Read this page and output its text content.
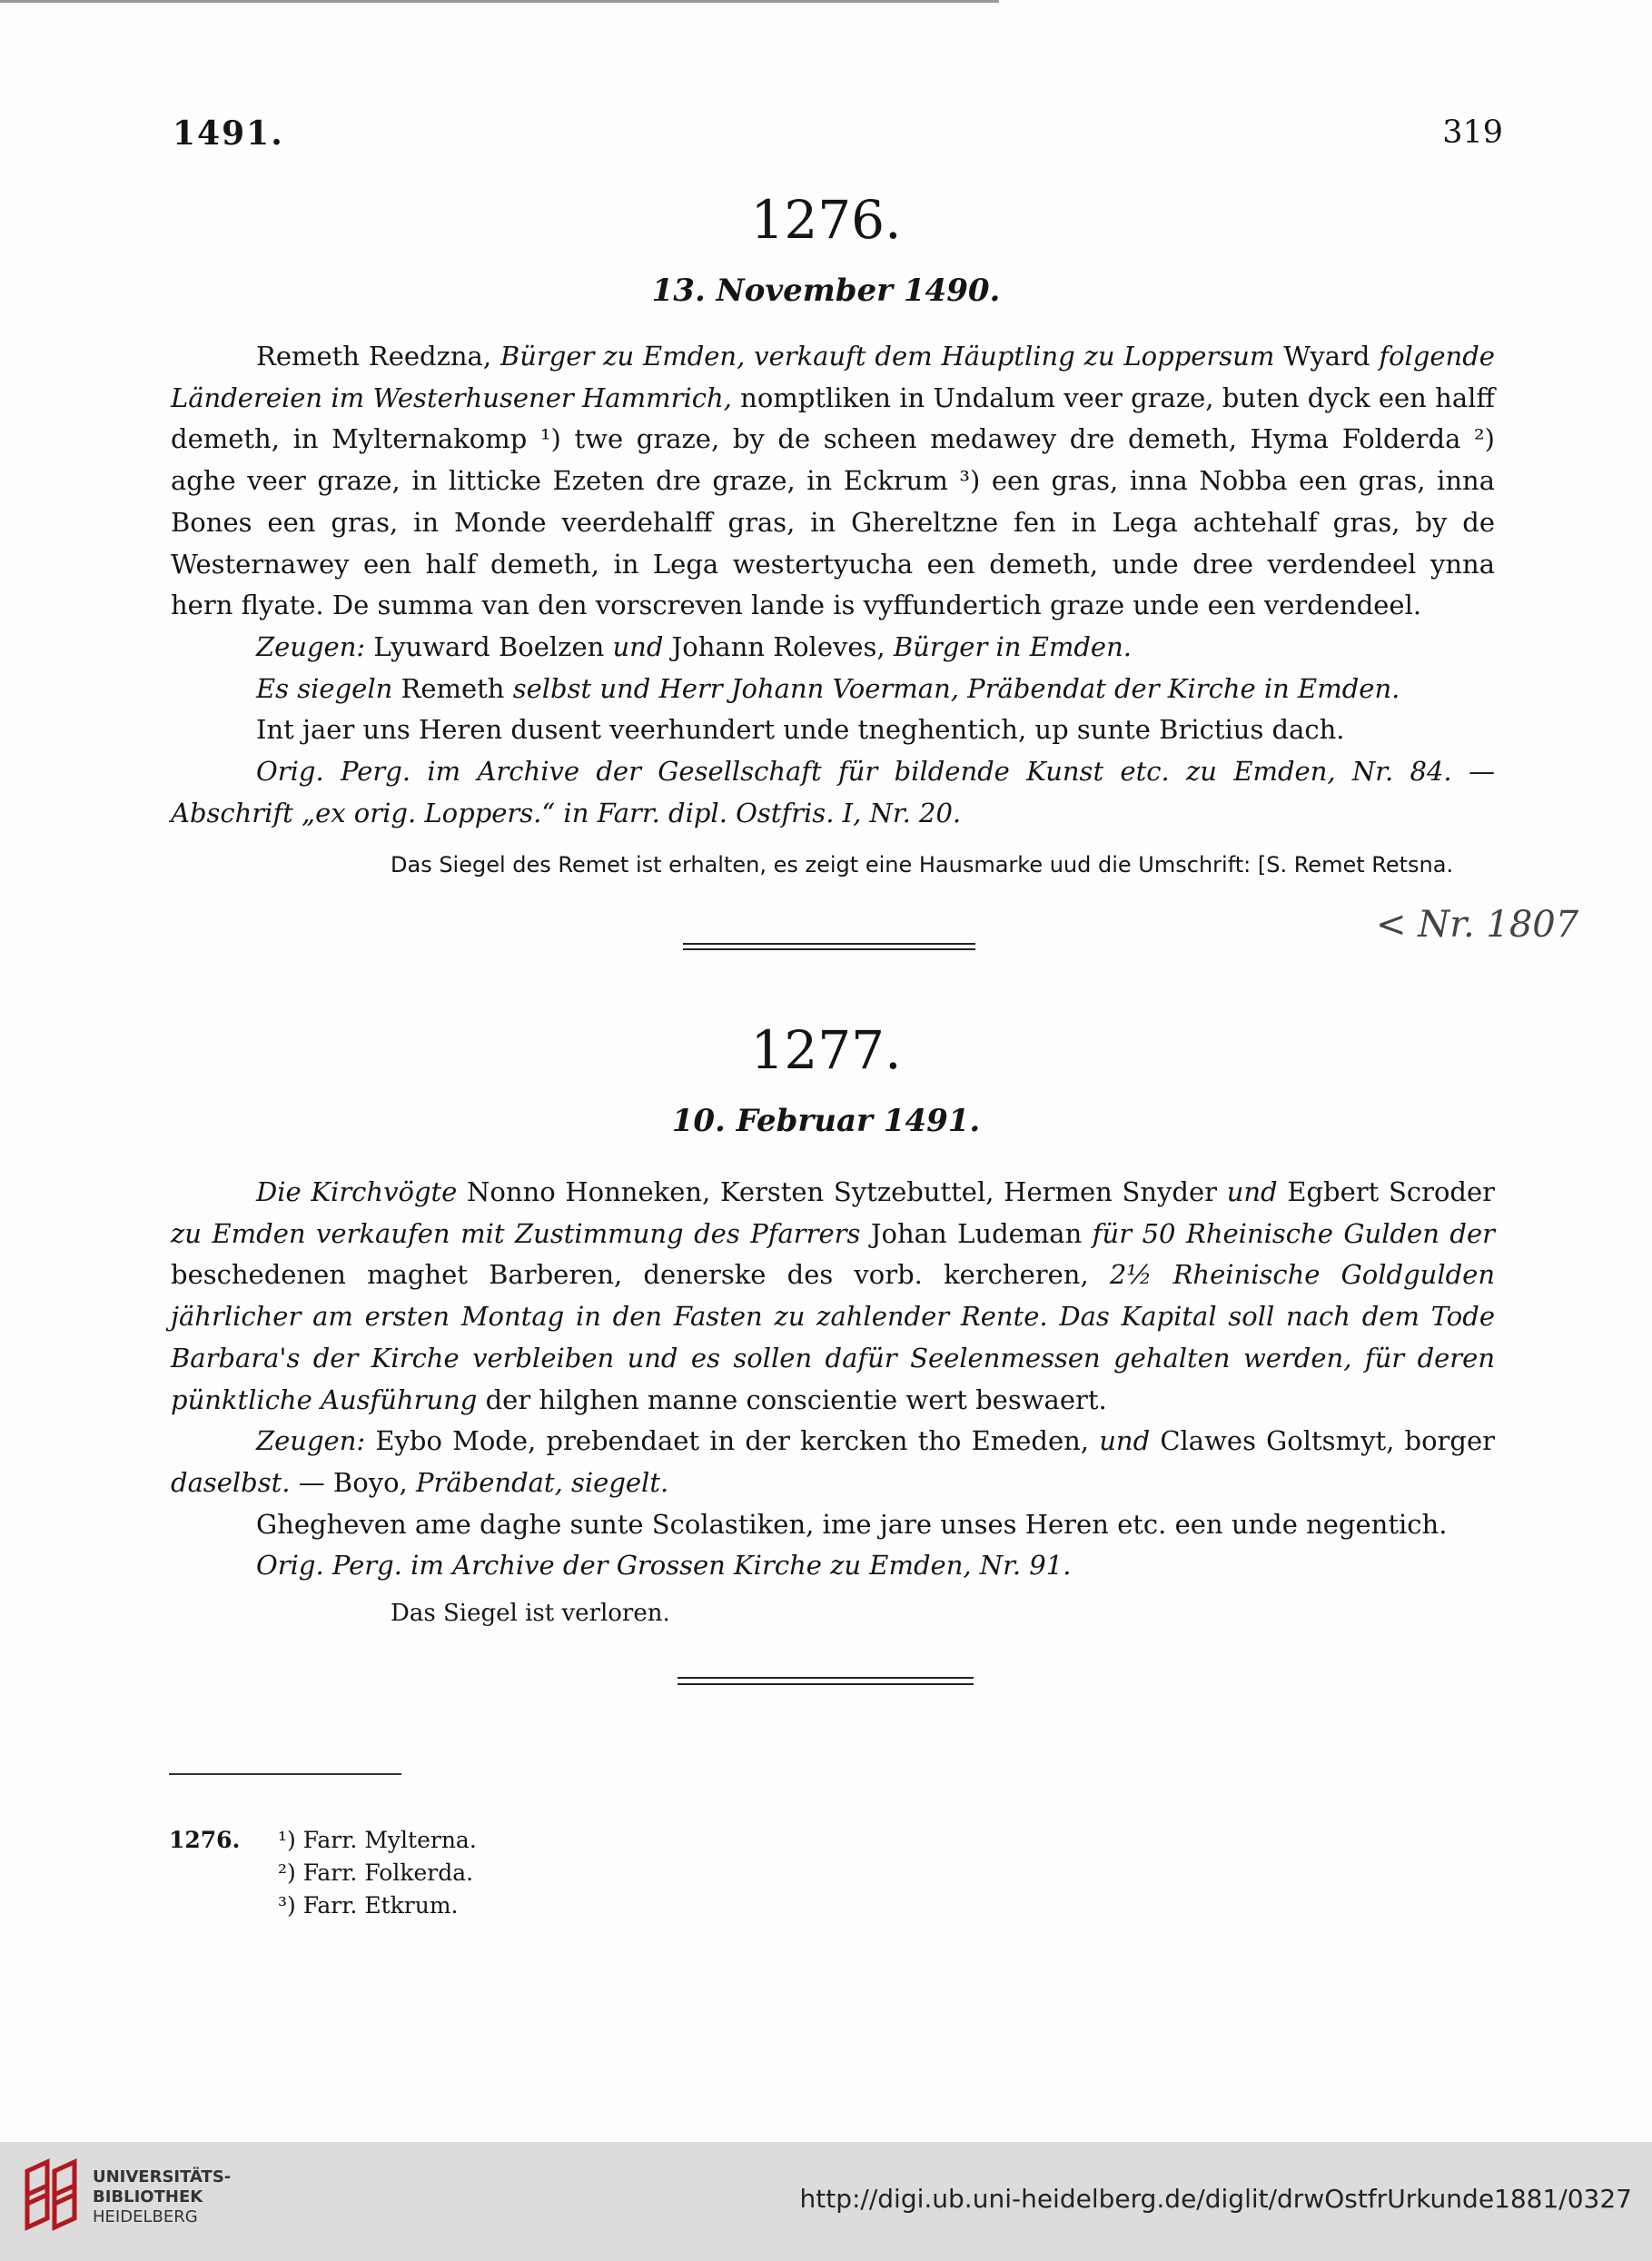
1491.	319
1276.
13. November 1490.

Remeth Reedzna, Bürger zu Emden, verkauft dem Häuptling zu Loppersum Wyard folgende Ländereien im Westerhusener Hammrich, nomptliken in Undalum veer graze, buten dyck een halff demeth, in Mylternakomp ¹) twe graze, by de scheen medawey dre demeth, Hyma Folderda ²) aghe veer graze, in litticke Ezeten dre graze, in Eckrum ³) een gras, inna Nobba een gras, inna Bones een gras, in Monde veerdehalff gras, in Ghereltzne fen in Lega achtehalf gras, by de Westernawey een half demeth, in Lega westertyucha een demeth, unde dree verdendeel ynna hern flyate. De summa van den vorscreven lande is vyffundertich graze unde een verdendeel.

Zeugen: Lyuward Boelzen und Johann Roleves, Bürger in Emden.

Es siegeln Remeth selbst und Herr Johann Voerman, Präbendat der Kirche in Emden.

Int jaer uns Heren dusent veerhundert unde tneghentich, up sunte Brictius dach.

Orig. Perg. im Archive der Gesellschaft für bildende Kunst etc. zu Emden, Nr. 84. — Abschrift „ex orig. Loppers.“ in Farr. dipl. Ostfris. I, Nr. 20.

Das Siegel des Remet ist erhalten, es zeigt eine Hausmarke uud die Umschrift: [S. Remet Retsna.
< Nr. 1807
1277.
10. Februar 1491.

Die Kirchvögte Nonno Honneken, Kersten Sytzebuttel, Hermen Snyder und Egbert Scroder zu Emden verkaufen mit Zustimmung des Pfarrers Johan Ludeman für 50 Rheinische Gulden der beschedenen maghet Barberen, denerske des vorb. kercheren, 2½ Rheinische Goldgulden jährlicher am ersten Montag in den Fasten zu zahlender Rente. Das Kapital soll nach dem Tode Barbara's der Kirche verbleiben und es sollen dafür Seelenmessen gehalten werden, für deren pünktliche Ausführung der hilghen manne conscientie wert beswaert.

Zeugen: Eybo Mode, prebendaet in der kercken tho Emeden, und Clawes Goltsmyt, borger daselbst. — Boyo, Präbendat, siegelt.

Ghegheven ame daghe sunte Scolastiken, ime jare unses Heren etc. een unde negentich.

Orig. Perg. im Archive der Grossen Kirche zu Emden, Nr. 91.

Das Siegel ist verloren.
1276. ¹) Farr. Mylterna.
²) Farr. Folkerda.
³) Farr. Etkrum.
UNIVERSITÄTS-
BIBLIOTHEK
HEIDELBERG
http://digi.ub.uni-heidelberg.de/diglit/drwOstfrUrkunde1881/0327
